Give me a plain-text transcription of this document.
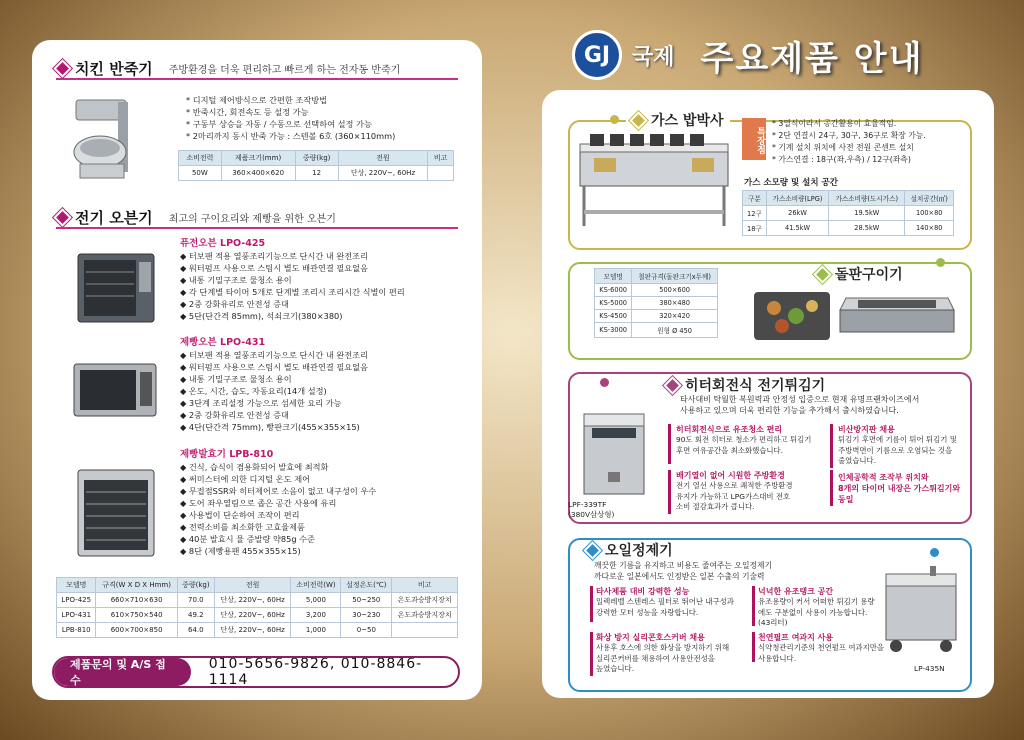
치킨 반죽기 주방환경을 더욱 편리하고 빠르게 하는 전자동 반죽기
* 디지털 제어방식으로 간편한 조작방법
* 반죽시간, 회전속도 등 설정 가능
* 구동부 상승을 자동 / 수동으로 선택하여 설정 가능
* 2마리까지 동시 반죽 가능 : 스텐볼 6호 (360×110mm)
소비전력	제품크기(mm)	중량(kg)	전원	비고
50W	360×400×620	12	단상, 220V~, 60Hz	
전기 오븐기 최고의 구이요리와 제빵을 위한 오븐기
퓨전오븐 LPO-425
◆ 터보팬 적용 열풍조리기능으로 단시간 내 완전조리
◆ 워터펌프 사용으로 스팀시 별도 배관연결 필요없음
◆ 내통 기밀구조로 물청소 용이
◆ 각 단계별 타이머 5개로 단계별 조리시 조리시간 식별이 편리
◆ 2중 강화유리로 안전성 증대
◆ 5단(단간격 85mm), 석쇠크기(380×380)
제빵오븐 LPO-431
◆ 터보팬 적용 열풍조리기능으로 단시간 내 완전조리
◆ 워터펌프 사용으로 스팀시 별도 배관연결 필요없음
◆ 내통 기밀구조로 물청소 용이
◆ 온도, 시간, 습도, 자동요리(14개 설정)
◆ 3단계 조리설정 가능으로 섬세한 요리 가능
◆ 2중 강화유리로 안전성 증대
◆ 4단(단간격 75mm), 빵판크기(455×355×15)
제빵발효기 LPB-810
◆ 건식, 습식이 겸용화되어 발효에 최적화
◆ 써미스터에 의한 디지털 온도 제어
◆ 무접점SSR와 히터제어로 소음이 없고 내구성이 우수
◆ 도어 좌우열림으로 좁은 공간 사용에 유리
◆ 사용법이 단순하여 조작이 편리
◆ 전력소비를 최소화한 고효율제품
◆ 40분 발효시 물 증발량 약85g 수준
◆ 8단 (제빵용팬 455×355×15)
모델명	규격(W X D X Hmm)	중량(kg)	전원	소비전력(W)	설정온도(℃)	비고
LPO-425	660×710×630	70.0	단상, 220V~, 60Hz	5,000	50~250	온도과승방지장치
LPO-431	610×750×540	49.2	단상, 220V~, 60Hz	3,200	30~230	온도과승방지장치
LPB-810	600×700×850	64.0	단상, 220V~, 60Hz	1,000	0~50	
제품문의 및 A/S 접수
010-5656-9826, 010-8846-1114
GJ 국제 주요제품 안내
가스 밥박사
특장점
* 3열식이라서 공간활용이 효율적임.
* 2단 연결시 24구, 30구, 36구로 확장 가능.
* 기계 설치 위치에 사전 전원 콘센트 설치
* 가스연결 : 18구(좌,우측) / 12구(좌측)
가스 소모량 및 설치 공간
구분	가스소비량(LPG)	가스소비량(도시가스)	설치공간(㎡)
12구	26kW	19.5kW	100×80
18구	41.5kW	28.5kW	140×80
돌판구이기
모델명	철판규격(돌판크기x두께)
KS-6000	500×600
KS-5000	380×480
KS-4500	320×420
KS-3000	원형 Ø 450
히터회전식 전기튀김기
타사대비 탁월한 복원력과 안정성 입증으로 현재 유명프랜차이즈에서
사용하고 있으며 더욱 편리한 기능을 추가해서 출시하였습니다.
LPF-339TF
(380V삼상형)
히터회전식으로 유조청소 편리
90도 회전 히터로 청소가 편리하고 튀김기
후면 여유공간을 최소화했습니다.
비산방지판 채용
튀김기 후면에 기름이 튀어 튀김기 및
주방벽면이 기름으로 오염되는 것을
줄였습니다.
배기열이 없어 시원한 주방환경
전기 열선 사용으로 쾌적한 주방환경
유지가 가능하고 LPG가스대비 전호
소비 절감효과가 큽니다.
인체공학적 조작부 위치와
8개의 타이머 내장은 가스튀김기와
동일
오일정제기
깨끗한 기름을 유지하고 비용도 줄여주는 오일정제기
까다로운 일본에서도 인정받은 일본 수출의 기술력
타사제품 대비 강력한 성능
일렉레벨 스텐레스 필터로 뛰어난 내구성과
강력한 모터 성능을 자랑합니다.
넉넉한 유조탱크 공간
유조용량이 커서 어떠한 튀김기 용량
에도 구분없이 사용이 가능합니다.
(43리터)
화상 방지 실리콘호스커버 채용
사용후 호스에 의한 화상을 방지하기 위해
실리콘커버를 채용하여 사용안전성을
높였습니다.
천연필프 여과지 사용
식약청관리기준의 천연펄프 여과지만을
사용합니다.
LP-435N
